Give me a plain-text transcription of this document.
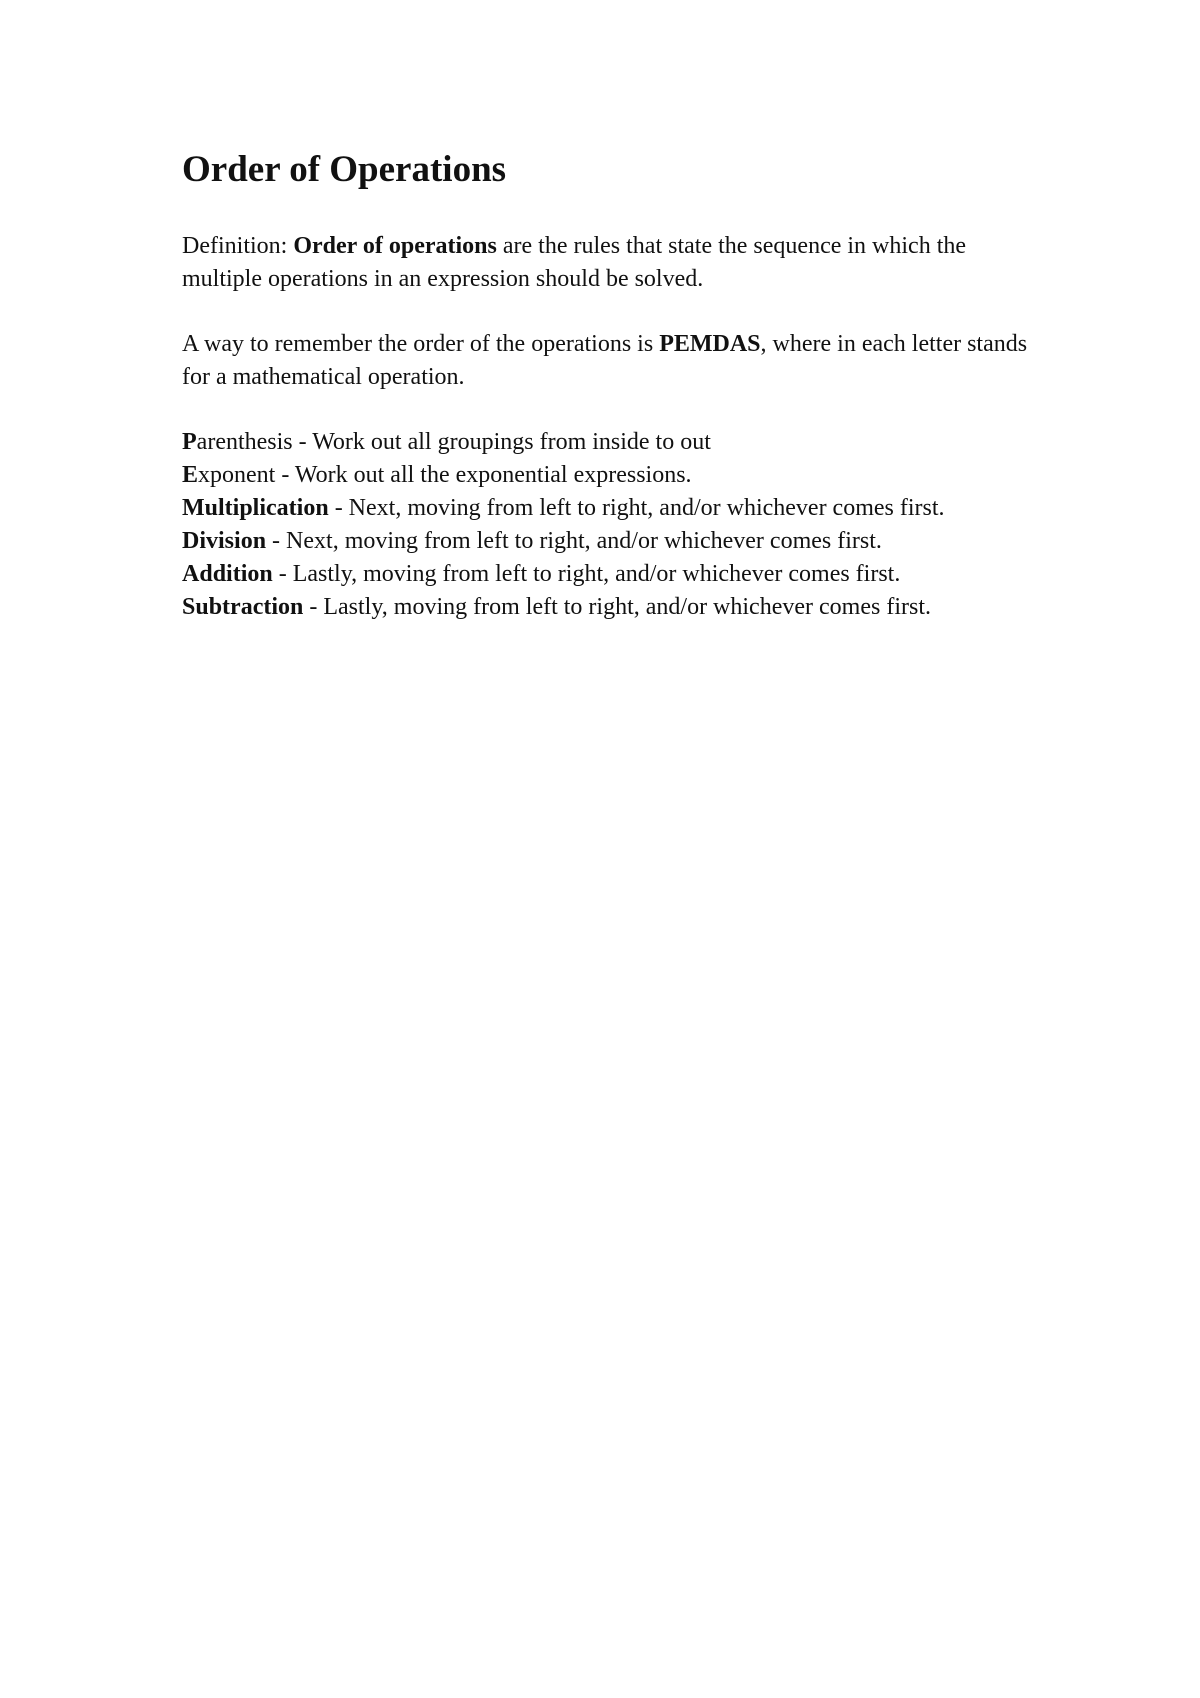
Order of Operations

Definition: Order of operations are the rules that state the sequence in which the multiple operations in an expression should be solved.

A way to remember the order of the operations is PEMDAS, where in each letter stands for a mathematical operation.

Parenthesis - Work out all groupings from inside to out
Exponent - Work out all the exponential expressions.
Multiplication - Next, moving from left to right, and/or whichever comes first.
Division - Next, moving from left to right, and/or whichever comes first.
Addition - Lastly, moving from left to right, and/or whichever comes first.
Subtraction - Lastly, moving from left to right, and/or whichever comes first.
